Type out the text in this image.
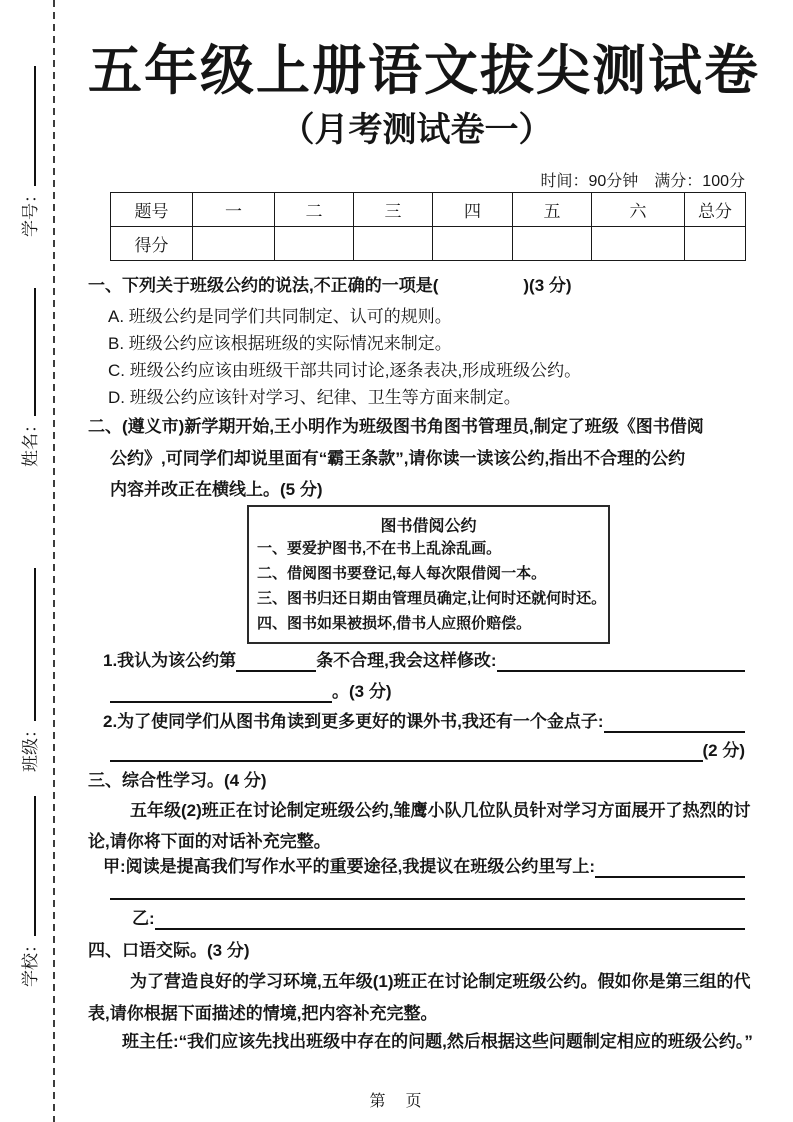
学号：
姓名：
班级：
学校：
五年级上册语文拔尖测试卷
（月考测试卷一）
时间：90分钟　满分：100分
题号	一	二	三	四	五	六	总分
得分							
一、下列关于班级公约的说法,不正确的一项是(　　　　　)(3 分)
A. 班级公约是同学们共同制定、认可的规则。
B. 班级公约应该根据班级的实际情况来制定。
C. 班级公约应该由班级干部共同讨论,逐条表决,形成班级公约。
D. 班级公约应该针对学习、纪律、卫生等方面来制定。
二、(遵义市)新学期开始,王小明作为班级图书角图书管理员,制定了班级《图书借阅
公约》,可同学们却说里面有“霸王条款”,请你读一读该公约,指出不合理的公约
内容并改正在横线上。(5 分)
图书借阅公约
一、要爱护图书,不在书上乱涂乱画。
二、借阅图书要登记,每人每次限借阅一本。
三、图书归还日期由管理员确定,让何时还就何时还。
四、图书如果被损坏,借书人应照价赔偿。
1.我认为该公约第	条不合理,我会这样修改:
。(3 分)
2.为了使同学们从图书角读到更多更好的课外书,我还有一个金点子:
(2 分)
三、综合性学习。(4 分)
五年级(2)班正在讨论制定班级公约,雏鹰小队几位队员针对学习方面展开了热烈的讨
论,请你将下面的对话补充完整。
甲:阅读是提高我们写作水平的重要途径,我提议在班级公约里写上:
乙:
四、口语交际。(3 分)
为了营造良好的学习环境,五年级(1)班正在讨论制定班级公约。假如你是第三组的代
表,请你根据下面描述的情境,把内容补充完整。
班主任:“我们应该先找出班级中存在的问题,然后根据这些问题制定相应的班级公约。”
第　页
